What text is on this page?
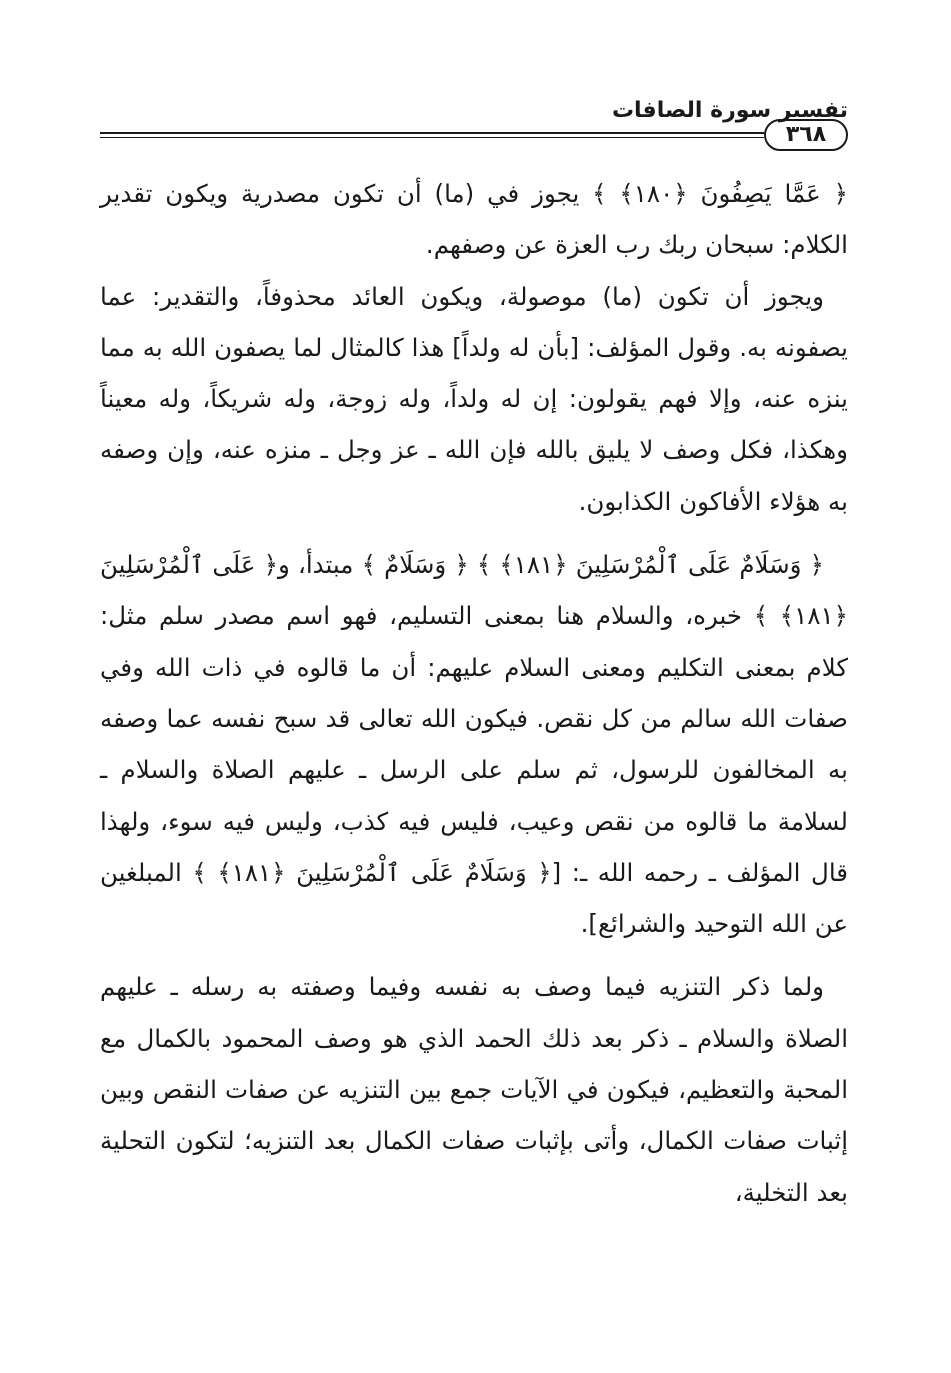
تفسير سورة الصافات
٣٦٨

﴿ عَمَّا يَصِفُونَ ﴿١٨٠﴾ ﴾ يجوز في (ما) أن تكون مصدرية ويكون تقدير الكلام: سبحان ربك رب العزة عن وصفهم.

ويجوز أن تكون (ما) موصولة، ويكون العائد محذوفاً، والتقدير: عما يصفونه به. وقول المؤلف: [بأن له ولداً] هذا كالمثال لما يصفون الله به مما ينزه عنه، وإلا فهم يقولون: إن له ولداً، وله زوجة، وله شريكاً، وله معيناً وهكذا، فكل وصف لا يليق بالله فإن الله ـ عز وجل ـ منزه عنه، وإن وصفه به هؤلاء الأفاكون الكذابون.

﴿ وَسَلَامٌ عَلَى ٱلْمُرْسَلِينَ ﴿١٨١﴾ ﴾ ﴿ وَسَلَامٌ ﴾ مبتدأ، و﴿ عَلَى ٱلْمُرْسَلِينَ ﴿١٨١﴾ ﴾ خبره، والسلام هنا بمعنى التسليم، فهو اسم مصدر سلم مثل: كلام بمعنى التكليم ومعنى السلام عليهم: أن ما قالوه في ذات الله وفي صفات الله سالم من كل نقص. فيكون الله تعالى قد سبح نفسه عما وصفه به المخالفون للرسول، ثم سلم على الرسل ـ عليهم الصلاة والسلام ـ لسلامة ما قالوه من نقص وعيب، فليس فيه كذب، وليس فيه سوء، ولهذا قال المؤلف ـ رحمه الله ـ: [﴿ وَسَلَامٌ عَلَى ٱلْمُرْسَلِينَ ﴿١٨١﴾ ﴾ المبلغين عن الله التوحيد والشرائع].

ولما ذكر التنزيه فيما وصف به نفسه وفيما وصفته به رسله ـ عليهم الصلاة والسلام ـ ذكر بعد ذلك الحمد الذي هو وصف المحمود بالكمال مع المحبة والتعظيم، فيكون في الآيات جمع بين التنزيه عن صفات النقص وبين إثبات صفات الكمال، وأتى بإثبات صفات الكمال بعد التنزيه؛ لتكون التحلية بعد التخلية،
